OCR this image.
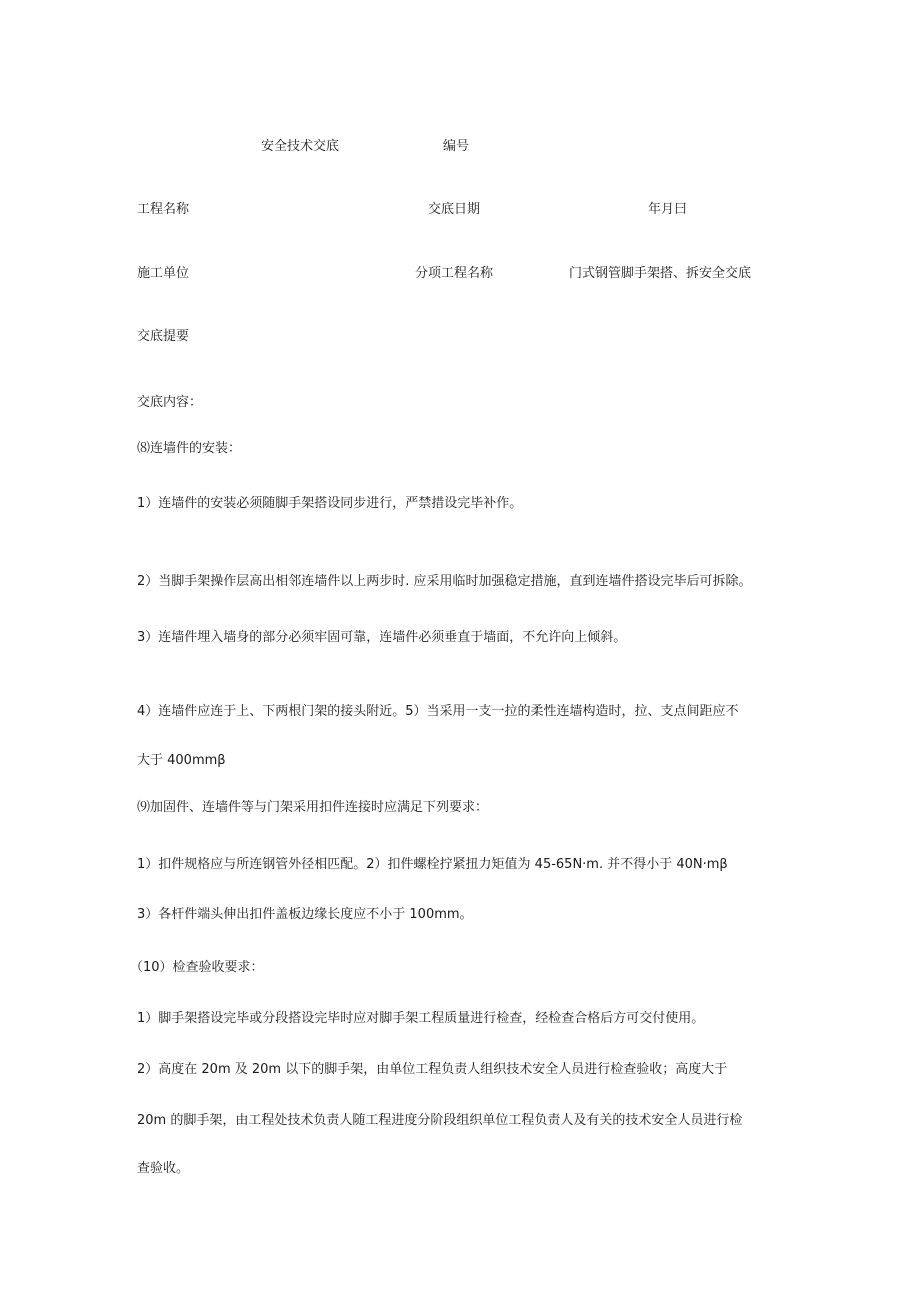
安全技术交底	编号
工程名称	交底日期	年月曰
施工单位	分项工程名称	门式钢管脚手架搭、拆安全交底
交底提要
交底内容：
⑻连墙件的安装：
1）连墙件的安装必须随脚手架搭设同步进行，严禁措设完毕补作。
2）当脚手架操作层高出相邻连墙件以上两步时. 应采用临时加强稳定措施，直到连墙件搭设完毕后可拆除。
3）连墙件埋入墙身的部分必须牢固可靠，连墙件必须垂直于墙面，不允许向上倾斜。
4）连墙件应连于上、下两根门架的接头附近。5）当采用一支一拉的柔性连墙构造时，拉、支点间距应不
大于 400mmβ
⑼加固件、连墙件等与门架采用扣件连接时应满足下列要求：
1）扣件规格应与所连钢管外径相匹配。2）扣件螺栓拧紧扭力矩值为 45-65N·m. 并不得小于 40N·mβ
3）各杆件端头伸出扣件盖板边缘长度应不小于 100mm。
（10）检查验收要求：
1）脚手架搭设完毕或分段搭设完毕时应对脚手架工程质量进行检查，经检查合格后方可交付使用。
2）高度在 20m 及 20m 以下的脚手架，由单位工程负责人组织技术安全人员进行检查验收；高度大于
20m 的脚手架，由工程处技术负责人随工程进度分阶段组织单位工程负责人及有关的技术安全人员进行检
查验收。
